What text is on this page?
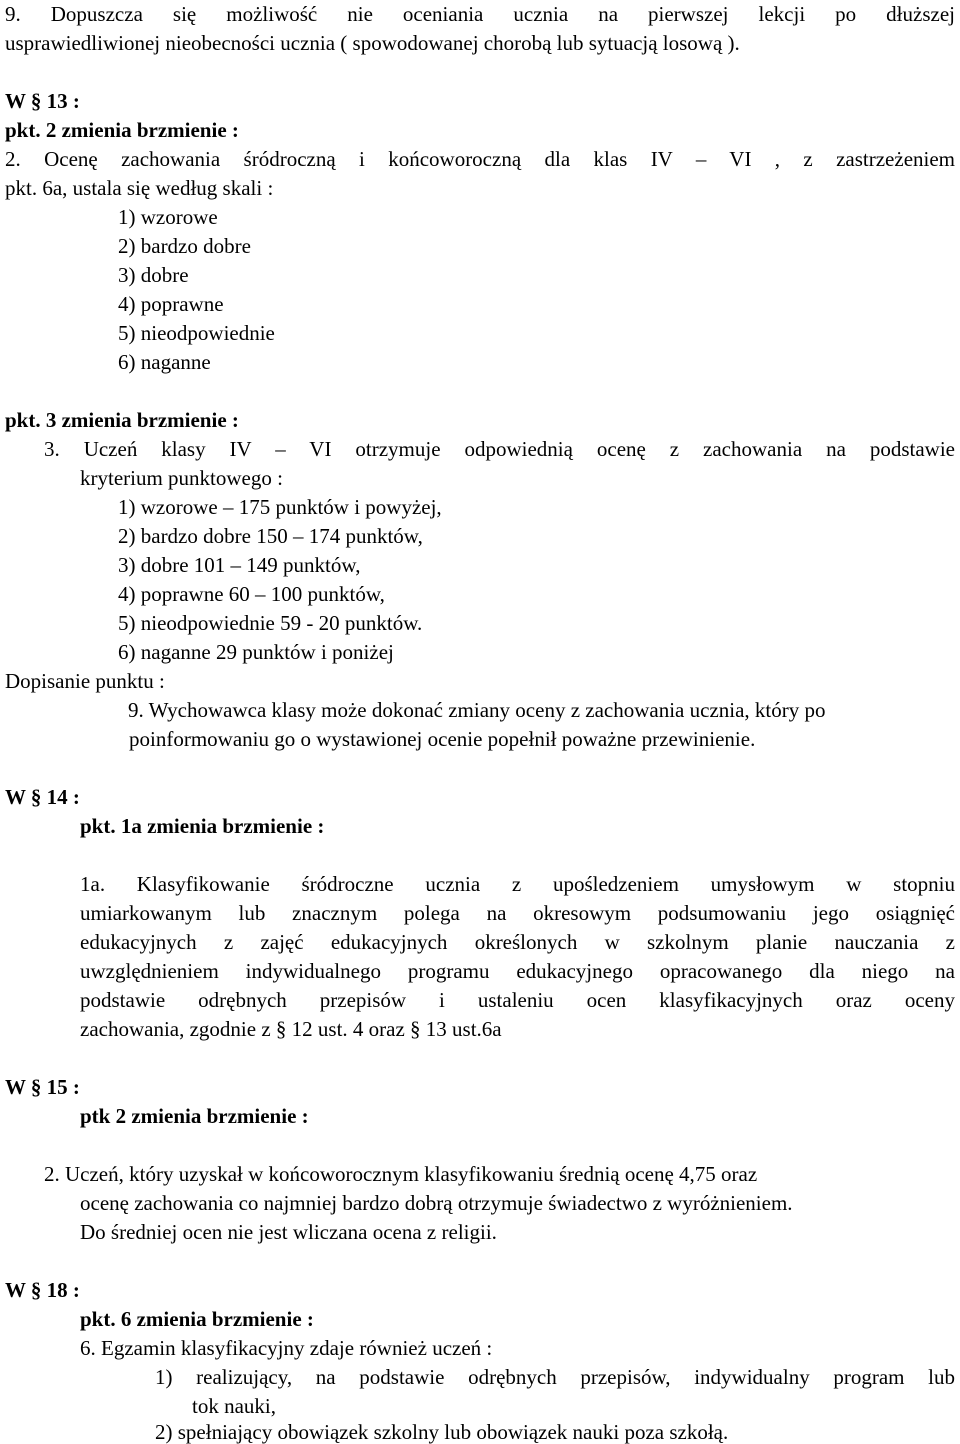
9. Dopuszcza się możliwość nie oceniania ucznia na pierwszej lekcji po dłuższej
usprawiedliwionej nieobecności ucznia ( spowodowanej chorobą lub sytuacją losową ).
W § 13 :
pkt. 2 zmienia brzmienie :
2. Ocenę zachowania śródroczną i końcoworoczną dla klas IV – VI , z zastrzeżeniem
pkt. 6a, ustala się według skali :
1) wzorowe
2) bardzo dobre
3) dobre
4) poprawne
5) nieodpowiednie
6) naganne
pkt. 3 zmienia brzmienie :
3. Uczeń klasy IV – VI otrzymuje odpowiednią ocenę z zachowania na podstawie
kryterium punktowego :
1) wzorowe – 175 punktów i powyżej,
2) bardzo dobre 150 – 174 punktów,
3) dobre 101 – 149 punktów,
4) poprawne 60 – 100 punktów,
5) nieodpowiednie 59 - 20 punktów.
6) naganne 29 punktów i poniżej
Dopisanie punktu :
9. Wychowawca klasy może dokonać zmiany oceny z zachowania ucznia, który po
poinformowaniu go o wystawionej ocenie popełnił poważne przewinienie.
W § 14 :
pkt. 1a zmienia brzmienie :
1a. Klasyfikowanie śródroczne ucznia z upośledzeniem umysłowym w stopniu
umiarkowanym lub znacznym polega na okresowym podsumowaniu jego osiągnięć
edukacyjnych z zajęć edukacyjnych określonych w szkolnym planie nauczania z
uwzględnieniem indywidualnego programu edukacyjnego opracowanego dla niego na
podstawie odrębnych przepisów i ustaleniu ocen klasyfikacyjnych oraz oceny
zachowania, zgodnie z § 12 ust. 4 oraz § 13 ust.6a
W § 15 :
ptk 2 zmienia brzmienie :
2. Uczeń, który uzyskał w końcoworocznym klasyfikowaniu średnią ocenę 4,75 oraz
ocenę zachowania co najmniej bardzo dobrą otrzymuje świadectwo z wyróżnieniem.
Do średniej ocen nie jest wliczana ocena z religii.
W § 18 :
pkt. 6 zmienia brzmienie :
6. Egzamin klasyfikacyjny zdaje również uczeń :
1) realizujący, na podstawie odrębnych przepisów, indywidualny program lub
tok nauki,
2) spełniający obowiązek szkolny lub obowiązek nauki poza szkołą.
